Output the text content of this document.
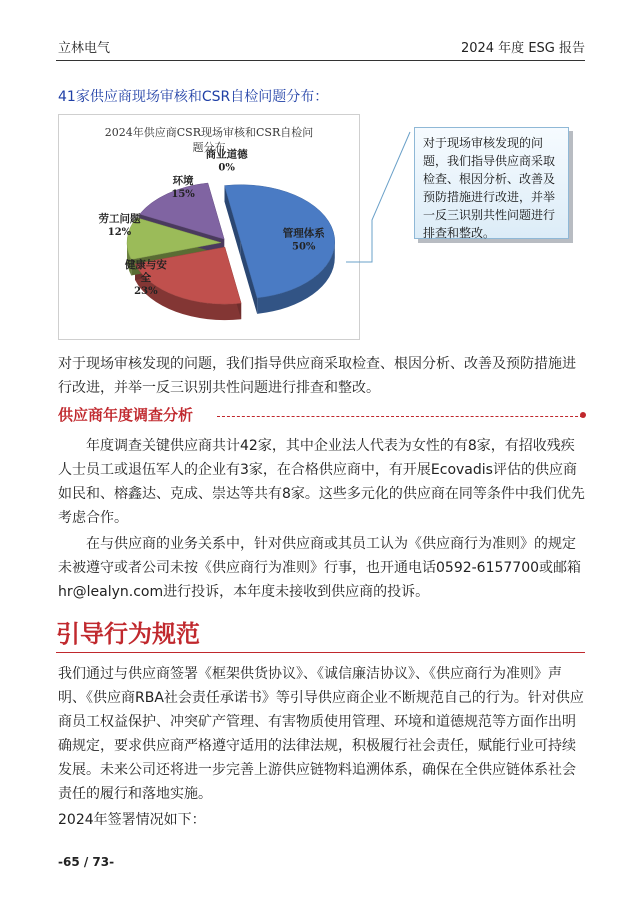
立林电气	2024 年度 ESG 报告
41家供应商现场审核和CSR自检问题分布：
管理体系
50%
健康与安
全
23%
劳工问题
12%
环境
15%
商业道德
0%
2024年供应商CSR现场审核和CSR自检问
题分布	对于现场审核发现的问题，我们指导供应商采取检查、根因分析、改善及预防措施进行改进，并举一反三识别共性问题进行排查和整改。
对于现场审核发现的问题，我们指导供应商采取检查、根因分析、改善及预防措施进行改进，并举一反三识别共性问题进行排查和整改。
供应商年度调查分析
年度调查关键供应商共计42家，其中企业法人代表为女性的有8家，有招收残疾人士员工或退伍军人的企业有3家，在合格供应商中，有开展Ecovadis评估的供应商如民和、榕鑫达、克成、崇达等共有8家。这些多元化的供应商在同等条件中我们优先考虑合作。
在与供应商的业务关系中，针对供应商或其员工认为《供应商行为准则》的规定未被遵守或者公司未按《供应商行为准则》行事，也开通电话0592-6157700或邮箱hr@lealyn.com进行投诉，本年度未接收到供应商的投诉。
引导行为规范
我们通过与供应商签署《框架供货协议》、《诚信廉洁协议》、《供应商行为准则》声明、《供应商RBA社会责任承诺书》等引导供应商企业不断规范自己的行为。针对供应商员工权益保护、冲突矿产管理、有害物质使用管理、环境和道德规范等方面作出明确规定，要求供应商严格遵守适用的法律法规，积极履行社会责任，赋能行业可持续发展。未来公司还将进一步完善上游供应链物料追溯体系，确保在全供应链体系社会责任的履行和落地实施。
2024年签署情况如下：
-65 / 73-
